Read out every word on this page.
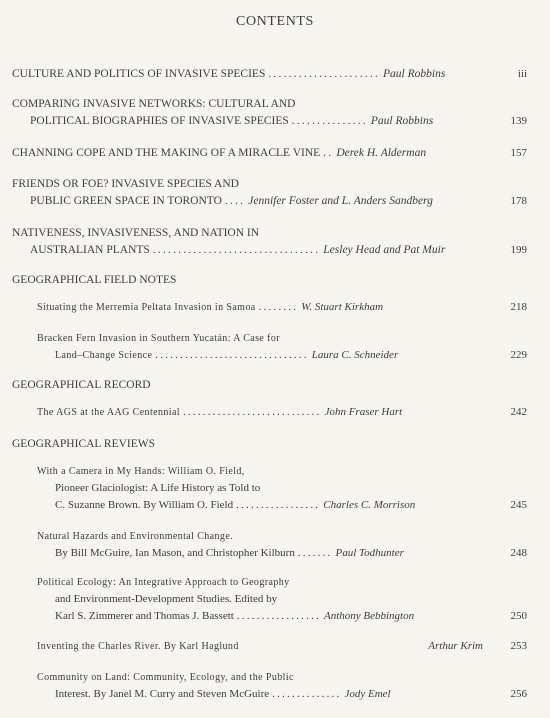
CONTENTS
CULTURE AND POLITICS OF INVASIVE SPECIES ...................... Paul Robbins	iii
COMPARING INVASIVE NETWORKS: CULTURAL AND
POLITICAL BIOGRAPHIES OF INVASIVE SPECIES ............... Paul Robbins	139
CHANNING COPE AND THE MAKING OF A MIRACLE VINE .. Derek H. Alderman	157
FRIENDS OR FOE? INVASIVE SPECIES AND
PUBLIC GREEN SPACE IN TORONTO .... Jennifer Foster and L. Anders Sandberg	178
NATIVENESS, INVASIVENESS, AND NATION IN
AUSTRALIAN PLANTS ................................. Lesley Head and Pat Muir	199
GEOGRAPHICAL FIELD NOTES
Situating the Merremia Peltata Invasion in Samoa ........ W. Stuart Kirkham	218
Bracken Fern Invasion in Southern Yucatán: A Case for
Land–Change Science ............................... Laura C. Schneider	229
GEOGRAPHICAL RECORD
The AGS at the AAG Centennial ............................ John Fraser Hart	242
GEOGRAPHICAL REVIEWS
With a Camera in My Hands: William O. Field,
Pioneer Glaciologist: A Life History as Told to
C. Suzanne Brown. By William O. Field ................. Charles C. Morrison	245
Natural Hazards and Environmental Change.
By Bill McGuire, Ian Mason, and Christopher Kilburn ....... Paul Todhunter	248
Political Ecology: An Integrative Approach to Geography
and Environment-Development Studies. Edited by
Karl S. Zimmerer and Thomas J. Bassett ................. Anthony Bebbington	250
Inventing the Charles River. By Karl Haglund	Arthur Krim	253
Community on Land: Community, Ecology, and the Public
Interest. By Janel M. Curry and Steven McGuire .............. Jody Emel	256
